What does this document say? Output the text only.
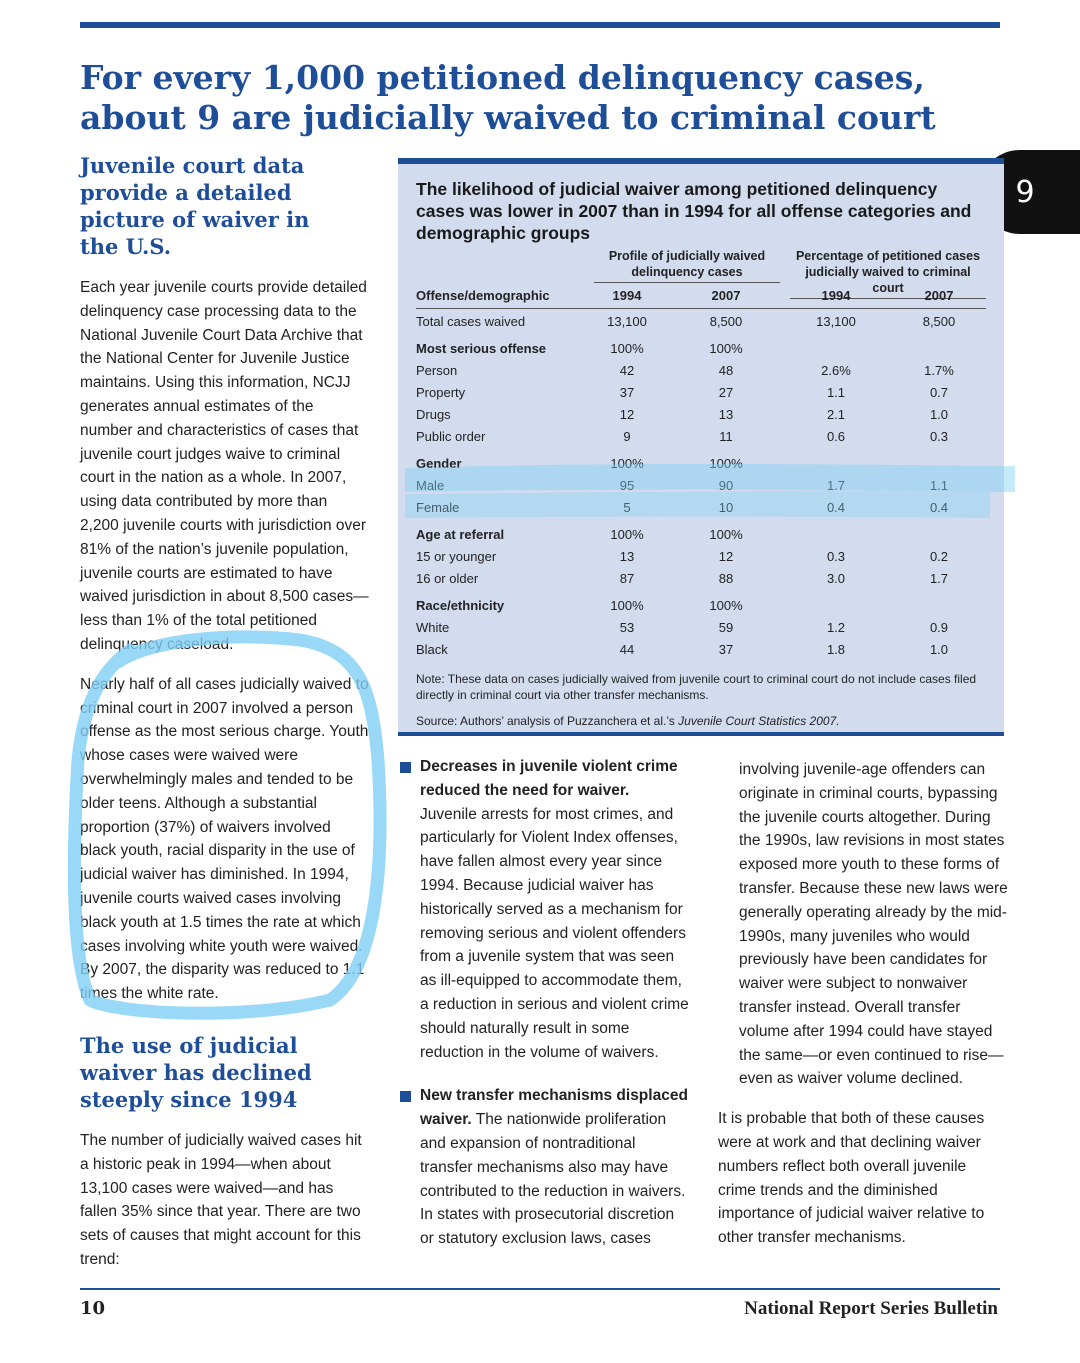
For every 1,000 petitioned delinquency cases, about 9 are judicially waived to criminal court
9
Juvenile court data provide a detailed picture of waiver in the U.S.

Each year juvenile courts provide detailed delinquency case processing data to the National Juvenile Court Data Archive that the National Center for Juvenile Justice maintains. Using this information, NCJJ generates annual estimates of the number and characteristics of cases that juvenile court judges waive to criminal court in the nation as a whole. In 2007, using data contributed by more than 2,200 juvenile courts with jurisdiction over 81% of the nation’s juvenile population, juvenile courts are estimated to have waived jurisdiction in about 8,500 cases—less than 1% of the total petitioned delinquency caseload.

Nearly half of all cases judicially waived to criminal court in 2007 involved a person offense as the most serious charge. Youth whose cases were waived were overwhelmingly males and tended to be older teens. Although a substantial proportion (37%) of waivers involved black youth, racial disparity in the use of judicial waiver has diminished. In 1994, juvenile courts waived cases involving black youth at 1.5 times the rate at which cases involving white youth were waived. By 2007, the disparity was reduced to 1.1 times the white rate.

The use of judicial waiver has declined steeply since 1994

The number of judicially waived cases hit a historic peak in 1994—when about 13,100 cases were waived—and has fallen 35% since that year. There are two sets of causes that might account for this trend:

The likelihood of judicial waiver among petitioned delinquency cases was lower in 2007 than in 1994 for all offense categories and demographic groups
Profile of judicially waived delinquency cases
Percentage of petitioned cases judicially waived to criminal court
Offense/demographic	1994	2007	1994	2007
Total cases waived	13,100	8,500	13,100	8,500
Most serious offense	100%	100%
Person	42	48	2.6%	1.7%
Property	37	27	1.1	0.7
Drugs	12	13	2.1	1.0
Public order	9	11	0.6	0.3
Gender	100%	100%
Male	95	90	1.7	1.1
Female	5	10	0.4	0.4
Age at referral	100%	100%
15 or younger	13	12	0.3	0.2
16 or older	87	88	3.0	1.7
Race/ethnicity	100%	100%
White	53	59	1.2	0.9
Black	44	37	1.8	1.0

Note: These data on cases judicially waived from juvenile court to criminal court do not include cases filed directly in criminal court via other transfer mechanisms.

Source: Authors’ analysis of Puzzanchera et al.’s Juvenile Court Statistics 2007.

Decreases in juvenile violent crime reduced the need for waiver. Juvenile arrests for most crimes, and particularly for Violent Index offenses, have fallen almost every year since 1994. Because judicial waiver has historically served as a mechanism for removing serious and violent offenders from a juvenile system that was seen as ill-equipped to accommodate them, a reduction in serious and violent crime should naturally result in some reduction in the volume of waivers.

New transfer mechanisms displaced waiver. The nationwide proliferation and expansion of nontraditional transfer mechanisms also may have contributed to the reduction in waivers. In states with prosecutorial discretion or statutory exclusion laws, cases

involving juvenile-age offenders can originate in criminal courts, bypassing the juvenile courts altogether. During the 1990s, law revisions in most states exposed more youth to these forms of transfer. Because these new laws were generally operating already by the mid-1990s, many juveniles who would previously have been candidates for waiver were subject to nonwaiver transfer instead. Overall transfer volume after 1994 could have stayed the same—or even continued to rise—even as waiver volume declined.

It is probable that both of these causes were at work and that declining waiver numbers reflect both overall juvenile crime trends and the diminished importance of judicial waiver relative to other transfer mechanisms.

10	National Report Series Bulletin
